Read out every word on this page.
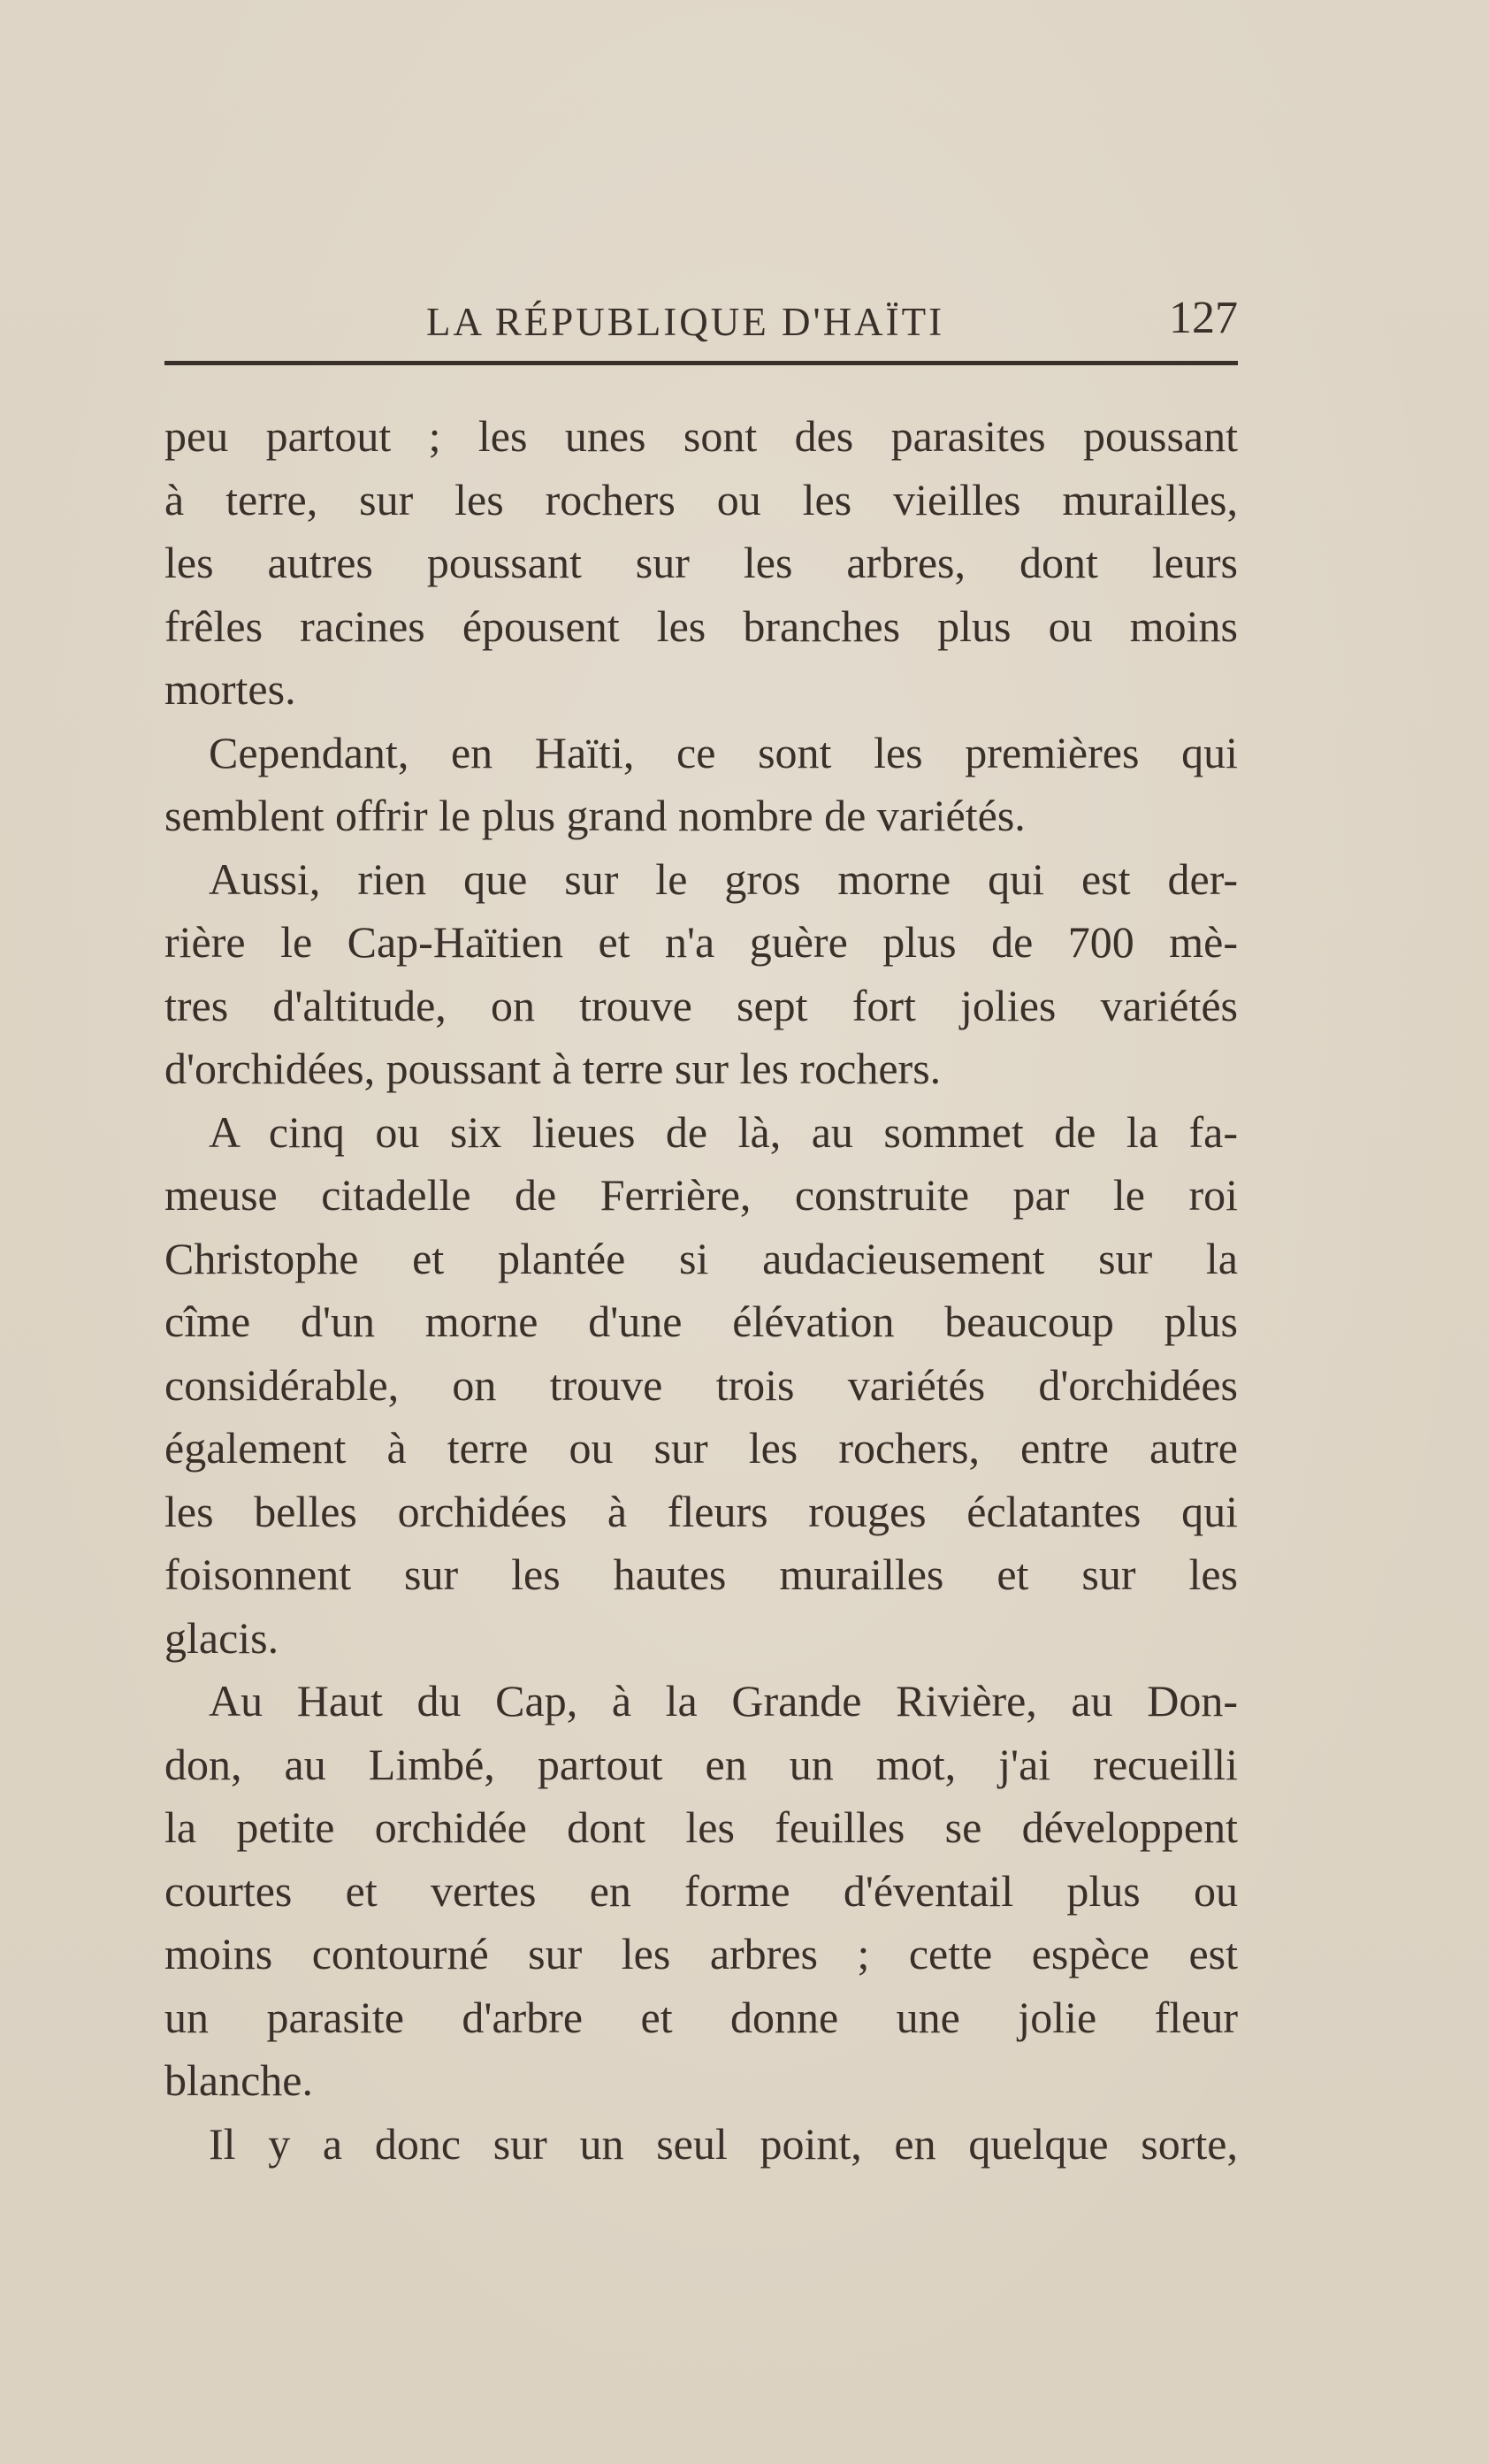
LA RÉPUBLIQUE D'HAÏTI	127
peu partout ; les unes sont des parasites poussant
à terre, sur les rochers ou les vieilles murailles,
les autres poussant sur les arbres, dont leurs
frêles racines épousent les branches plus ou moins
mortes.
Cependant, en Haïti, ce sont les premières qui
semblent offrir le plus grand nombre de variétés.
Aussi, rien que sur le gros morne qui est der-
rière le Cap-Haïtien et n'a guère plus de 700 mè-
tres d'altitude, on trouve sept fort jolies variétés
d'orchidées, poussant à terre sur les rochers.
A cinq ou six lieues de là, au sommet de la fa-
meuse citadelle de Ferrière, construite par le roi
Christophe et plantée si audacieusement sur la
cîme d'un morne d'une élévation beaucoup plus
considérable, on trouve trois variétés d'orchidées
également à terre ou sur les rochers, entre autre
les belles orchidées à fleurs rouges éclatantes qui
foisonnent sur les hautes murailles et sur les
glacis.
Au Haut du Cap, à la Grande Rivière, au Don-
don, au Limbé, partout en un mot, j'ai recueilli
la petite orchidée dont les feuilles se développent
courtes et vertes en forme d'éventail plus ou
moins contourné sur les arbres ; cette espèce est
un parasite d'arbre et donne une jolie fleur
blanche.
Il y a donc sur un seul point, en quelque sorte,
